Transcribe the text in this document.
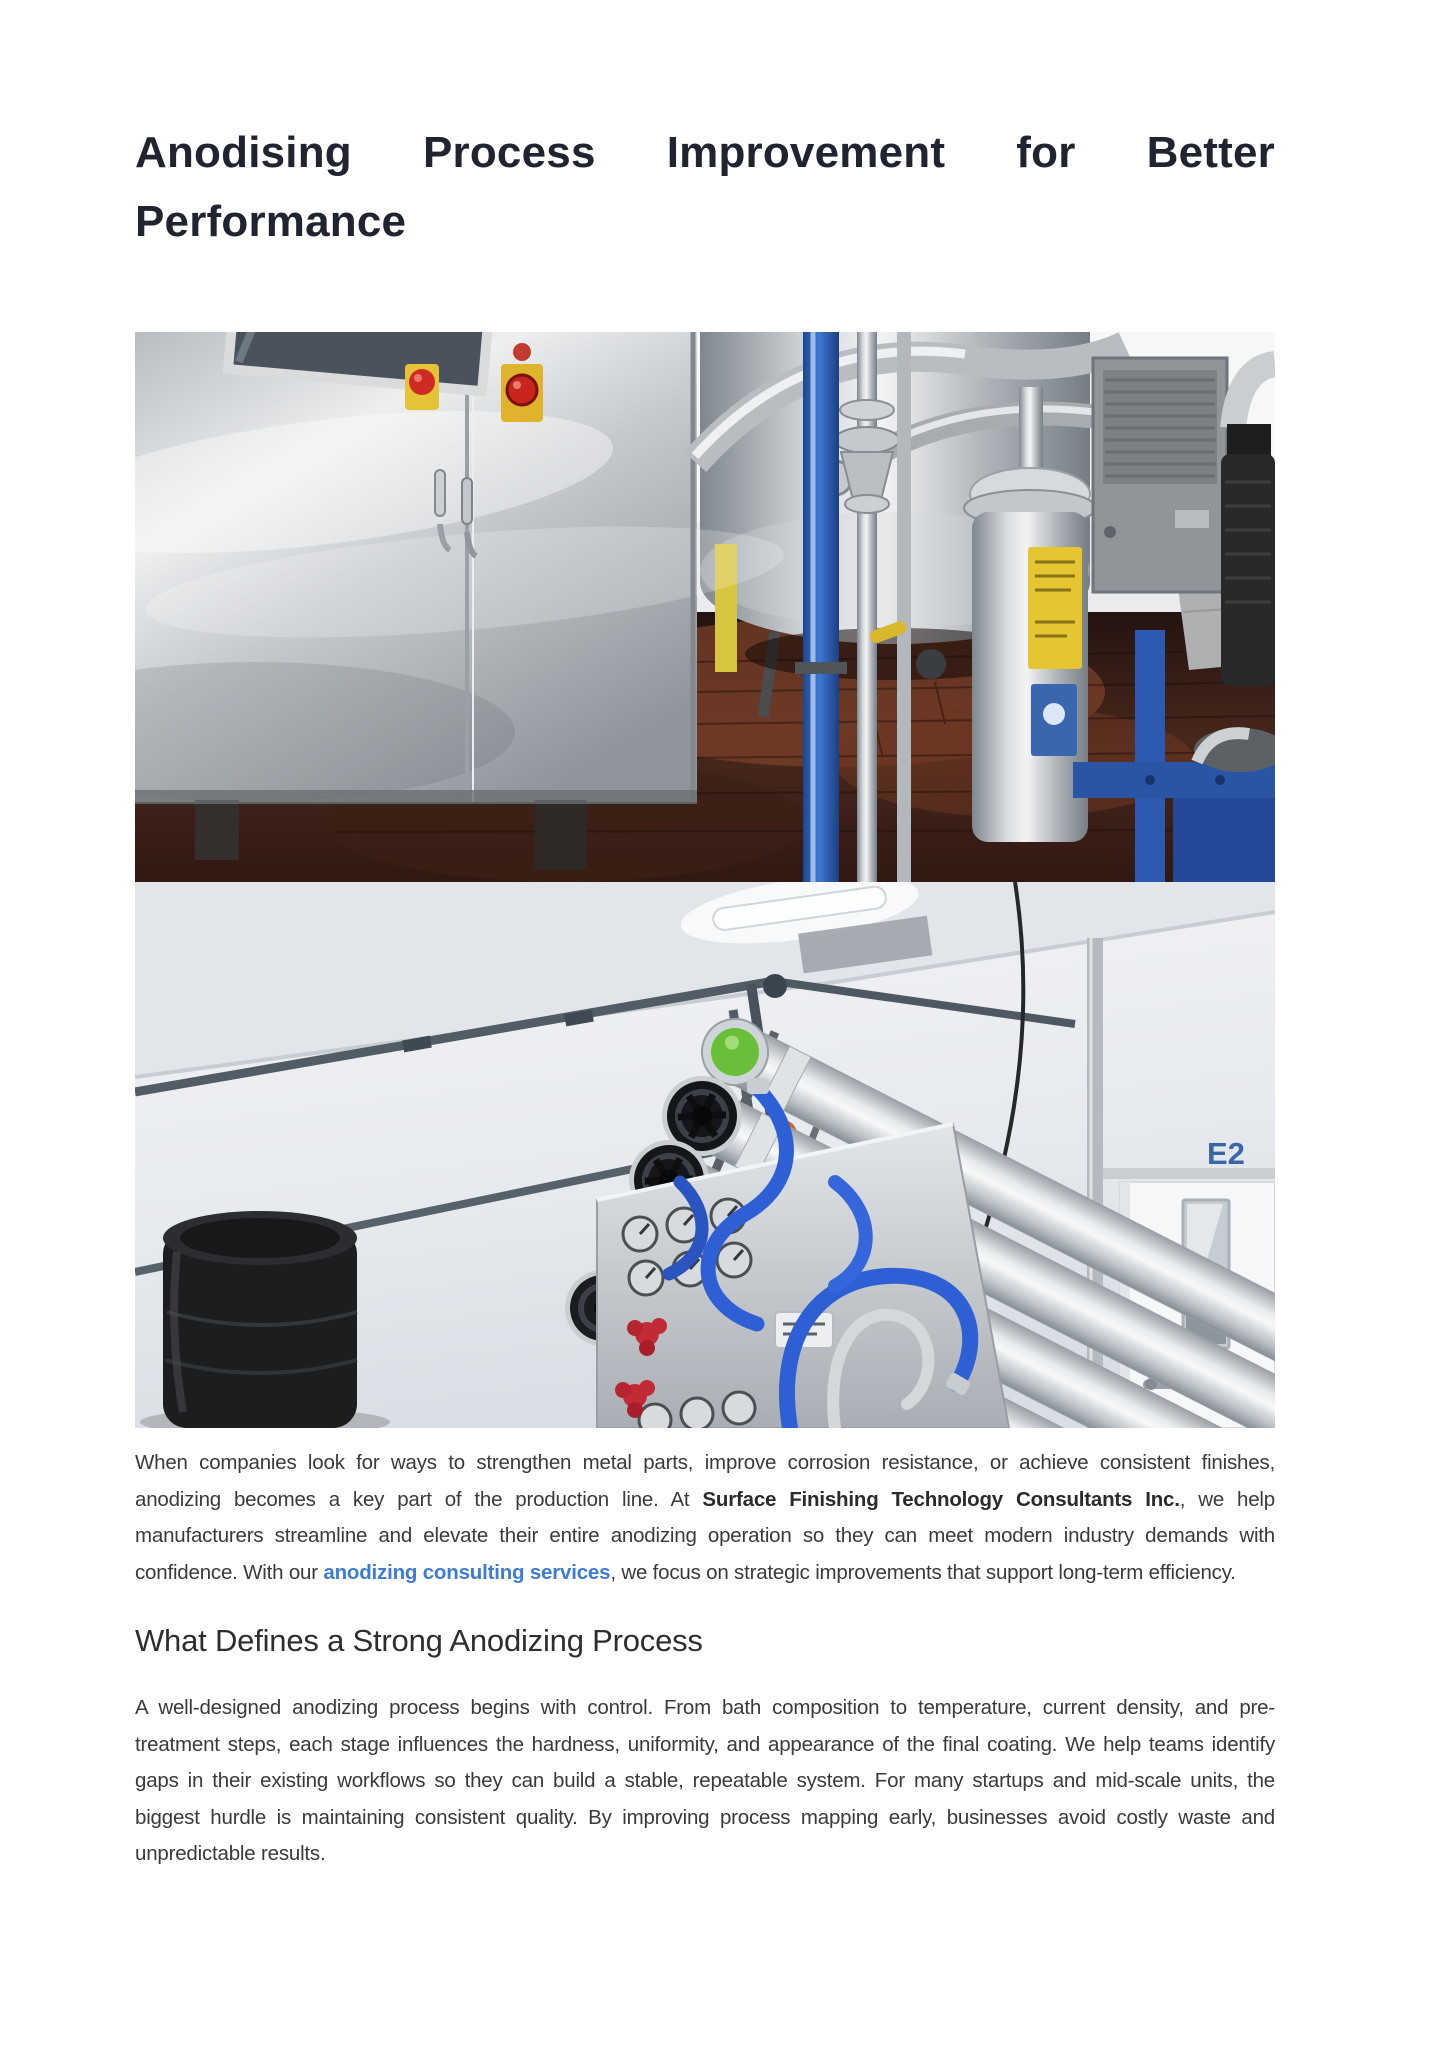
Anodising Process Improvement for Better
Performance
E2

When companies look for ways to strengthen metal parts, improve corrosion resistance, or achieve consistent finishes, anodizing becomes a key part of the production line. At Surface Finishing Technology Consultants Inc., we help manufacturers streamline and elevate their entire anodizing operation so they can meet modern industry demands with confidence. With our anodizing consulting services, we focus on strategic improvements that support long-term efficiency.

What Defines a Strong Anodizing Process

A well-designed anodizing process begins with control. From bath composition to temperature, current density, and pre-treatment steps, each stage influences the hardness, uniformity, and appearance of the final coating. We help teams identify gaps in their existing workflows so they can build a stable, repeatable system. For many startups and mid-scale units, the biggest hurdle is maintaining consistent quality. By improving process mapping early, businesses avoid costly waste and unpredictable results.
